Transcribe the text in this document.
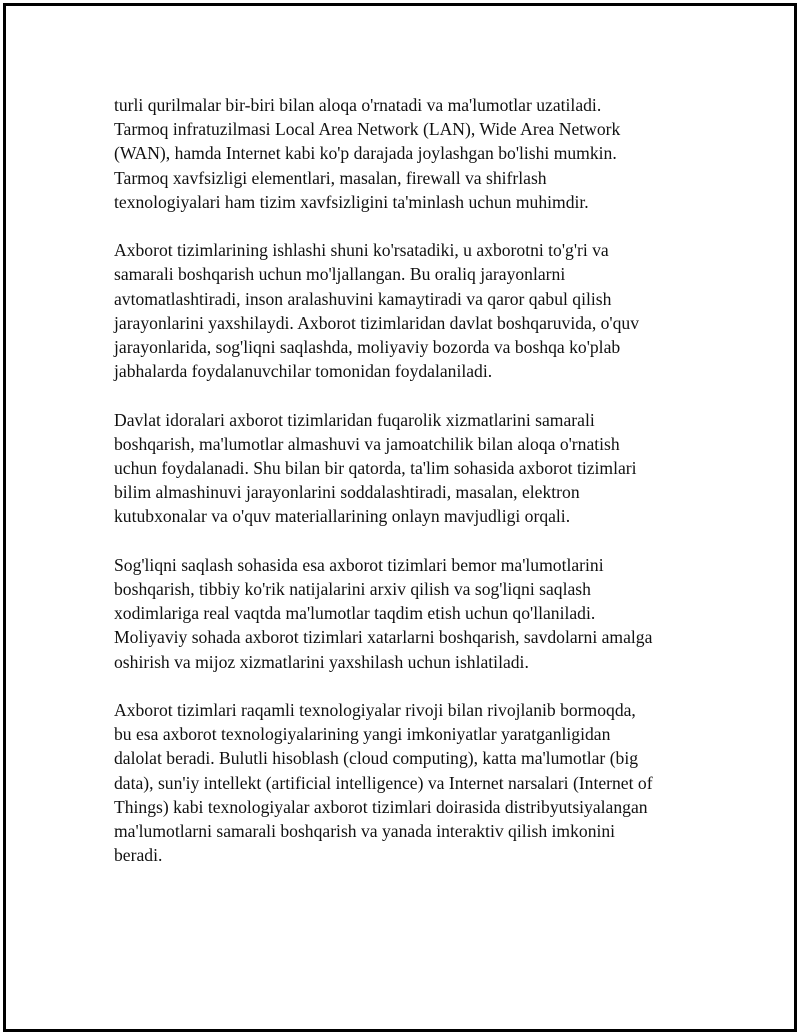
turli qurilmalar bir-biri bilan aloqa o'rnatadi va ma'lumotlar uzatiladi.
Tarmoq infratuzilmasi Local Area Network (LAN), Wide Area Network
(WAN), hamda Internet kabi ko'p darajada joylashgan bo'lishi mumkin.
Tarmoq xavfsizligi elementlari, masalan, firewall va shifrlash
texnologiyalari ham tizim xavfsizligini ta'minlash uchun muhimdir.

Axborot tizimlarining ishlashi shuni ko'rsatadiki, u axborotni to'g'ri va
samarali boshqarish uchun mo'ljallangan. Bu oraliq jarayonlarni
avtomatlashtiradi, inson aralashuvini kamaytiradi va qaror qabul qilish
jarayonlarini yaxshilaydi. Axborot tizimlaridan davlat boshqaruvida, o'quv
jarayonlarida, sog'liqni saqlashda, moliyaviy bozorda va boshqa ko'plab
jabhalarda foydalanuvchilar tomonidan foydalaniladi.

Davlat idoralari axborot tizimlaridan fuqarolik xizmatlarini samarali
boshqarish, ma'lumotlar almashuvi va jamoatchilik bilan aloqa o'rnatish
uchun foydalanadi. Shu bilan bir qatorda, ta'lim sohasida axborot tizimlari
bilim almashinuvi jarayonlarini soddalashtiradi, masalan, elektron
kutubxonalar va o'quv materiallarining onlayn mavjudligi orqali.

Sog'liqni saqlash sohasida esa axborot tizimlari bemor ma'lumotlarini
boshqarish, tibbiy ko'rik natijalarini arxiv qilish va sog'liqni saqlash
xodimlariga real vaqtda ma'lumotlar taqdim etish uchun qo'llaniladi.
Moliyaviy sohada axborot tizimlari xatarlarni boshqarish, savdolarni amalga
oshirish va mijoz xizmatlarini yaxshilash uchun ishlatiladi.

Axborot tizimlari raqamli texnologiyalar rivoji bilan rivojlanib bormoqda,
bu esa axborot texnologiyalarining yangi imkoniyatlar yaratganligidan
dalolat beradi. Bulutli hisoblash (cloud computing), katta ma'lumotlar (big
data), sun'iy intellekt (artificial intelligence) va Internet narsalari (Internet of
Things) kabi texnologiyalar axborot tizimlari doirasida distribyutsiyalangan
ma'lumotlarni samarali boshqarish va yanada interaktiv qilish imkonini
beradi.
